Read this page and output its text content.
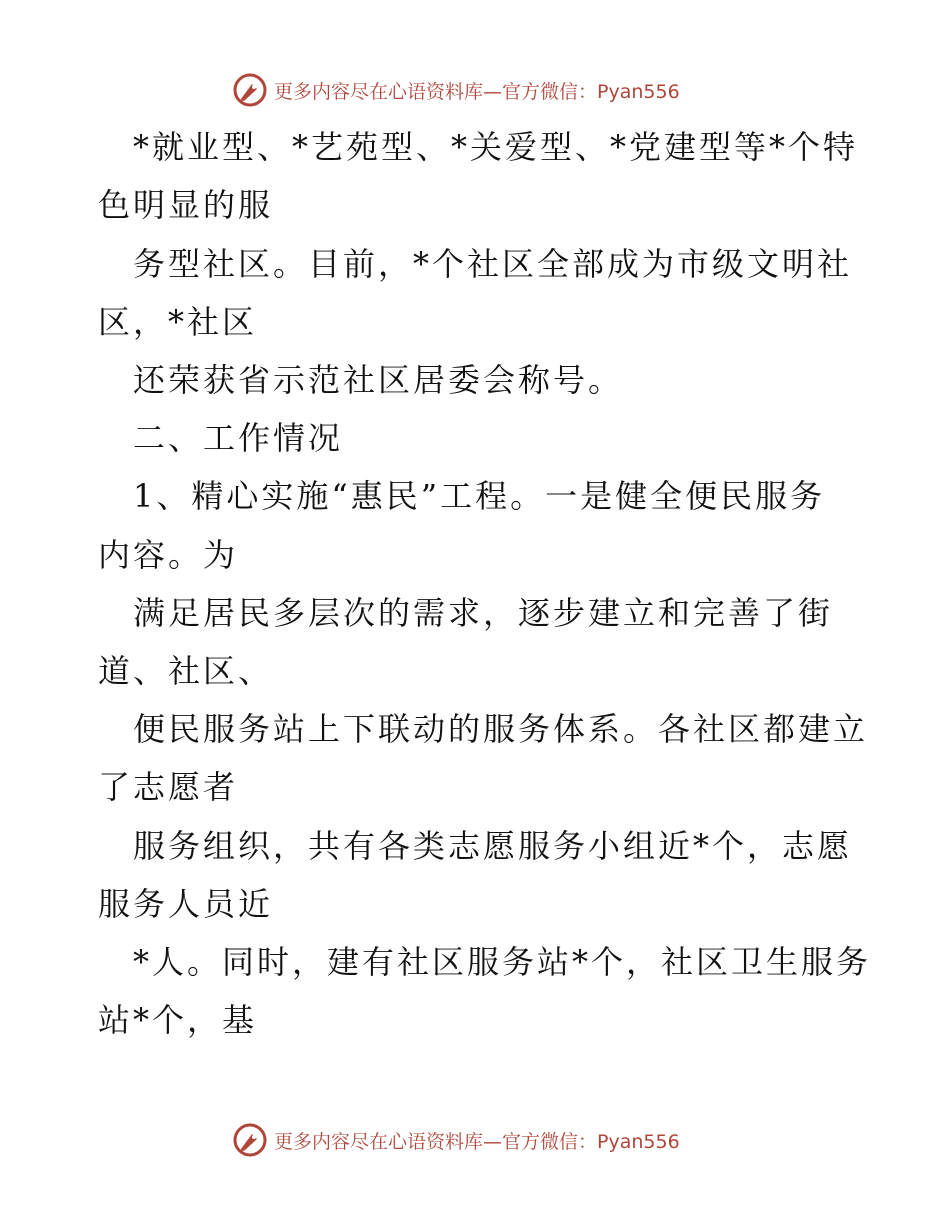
更多内容尽在心语资料库—官方微信：Pyan556
*就业型、*艺苑型、*关爱型、*党建型等*个特
色明显的服
务型社区。目前，*个社区全部成为市级文明社
区，*社区
还荣获省示范社区居委会称号。
二、工作情况
1、精心实施“惠民”工程。一是健全便民服务
内容。为
满足居民多层次的需求，逐步建立和完善了街
道、社区、
便民服务站上下联动的服务体系。各社区都建立
了志愿者
服务组织，共有各类志愿服务小组近*个，志愿
服务人员近
*人。同时，建有社区服务站*个，社区卫生服务
站*个，基
更多内容尽在心语资料库—官方微信：Pyan556
